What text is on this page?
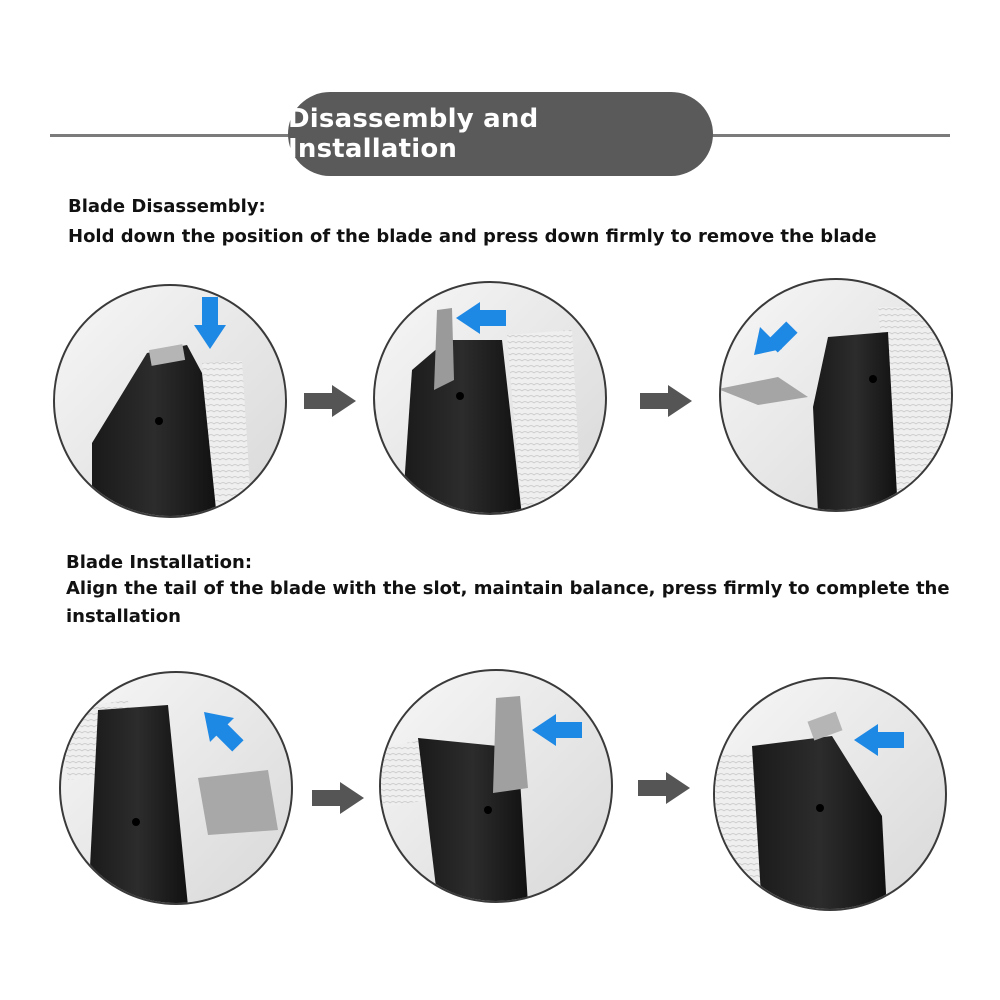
Disassembly and Installation
Blade Disassembly:
Hold down the position of the blade and press down firmly to remove the blade
Blade Installation:
Align the tail of the blade with the slot, maintain balance, press firmly to complete the
installation
